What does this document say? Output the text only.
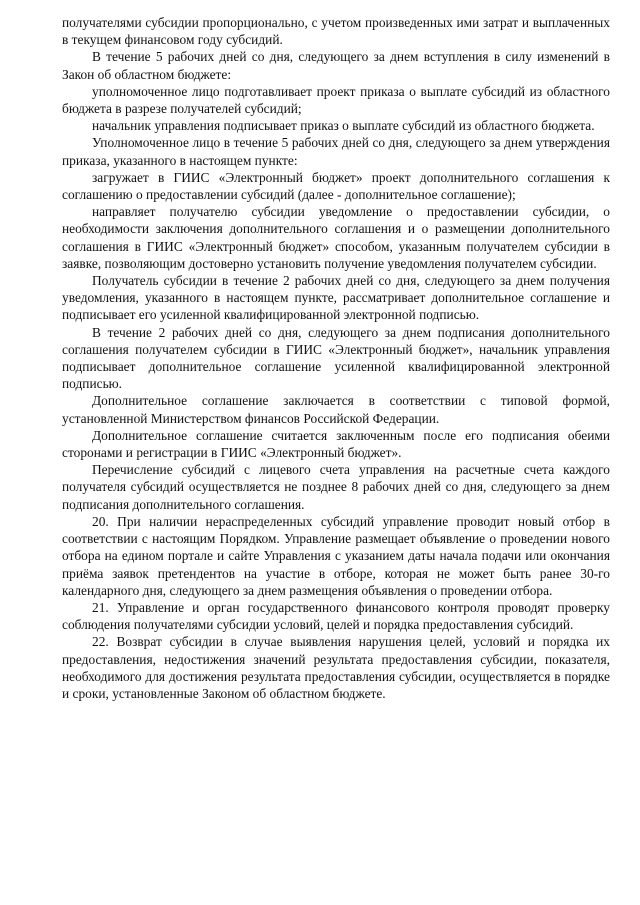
получателями субсидии пропорционально, с учетом произведенных ими затрат и выплаченных в текущем финансовом году субсидий.

В течение 5 рабочих дней со дня, следующего за днем вступления в силу изменений в Закон об областном бюджете:

уполномоченное лицо подготавливает проект приказа о выплате субсидий из областного бюджета в разрезе получателей субсидий;

начальник управления подписывает приказ о выплате субсидий из областного бюджета.

Уполномоченное лицо в течение 5 рабочих дней со дня, следующего за днем утверждения приказа, указанного в настоящем пункте:

загружает в ГИИС «Электронный бюджет» проект дополнительного соглашения к соглашению о предоставлении субсидий (далее - дополнительное соглашение);

направляет получателю субсидии уведомление о предоставлении субсидии, о необходимости заключения дополнительного соглашения и о размещении дополнительного соглашения в ГИИС «Электронный бюджет» способом, указанным получателем субсидии в заявке, позволяющим достоверно установить получение уведомления получателем субсидии.

Получатель субсидии в течение 2 рабочих дней со дня, следующего за днем получения уведомления, указанного в настоящем пункте, рассматривает дополнительное соглашение и подписывает его усиленной квалифицированной электронной подписью.

В течение 2 рабочих дней со дня, следующего за днем подписания дополнительного соглашения получателем субсидии в ГИИС «Электронный бюджет», начальник управления подписывает дополнительное соглашение усиленной квалифицированной электронной подписью.

Дополнительное соглашение заключается в соответствии с типовой формой, установленной Министерством финансов Российской Федерации.

Дополнительное соглашение считается заключенным после его подписания обеими сторонами и регистрации в ГИИС «Электронный бюджет».

Перечисление субсидий с лицевого счета управления на расчетные счета каждого получателя субсидий осуществляется не позднее 8 рабочих дней со дня, следующего за днем подписания дополнительного соглашения.

20. При наличии нераспределенных субсидий управление проводит новый отбор в соответствии с настоящим Порядком. Управление размещает объявление о проведении нового отбора на едином портале и сайте Управления с указанием даты начала подачи или окончания приёма заявок претендентов на участие в отборе, которая не может быть ранее 30-го календарного дня, следующего за днем размещения объявления о проведении отбора.

21. Управление и орган государственного финансового контроля проводят проверку соблюдения получателями субсидии условий, целей и порядка предоставления субсидий.

22. Возврат субсидии в случае выявления нарушения целей, условий и порядка их предоставления, недостижения значений результата предоставления субсидии, показателя, необходимого для достижения результата предоставления субсидии, осуществляется в порядке и сроки, установленные Законом об областном бюджете.
